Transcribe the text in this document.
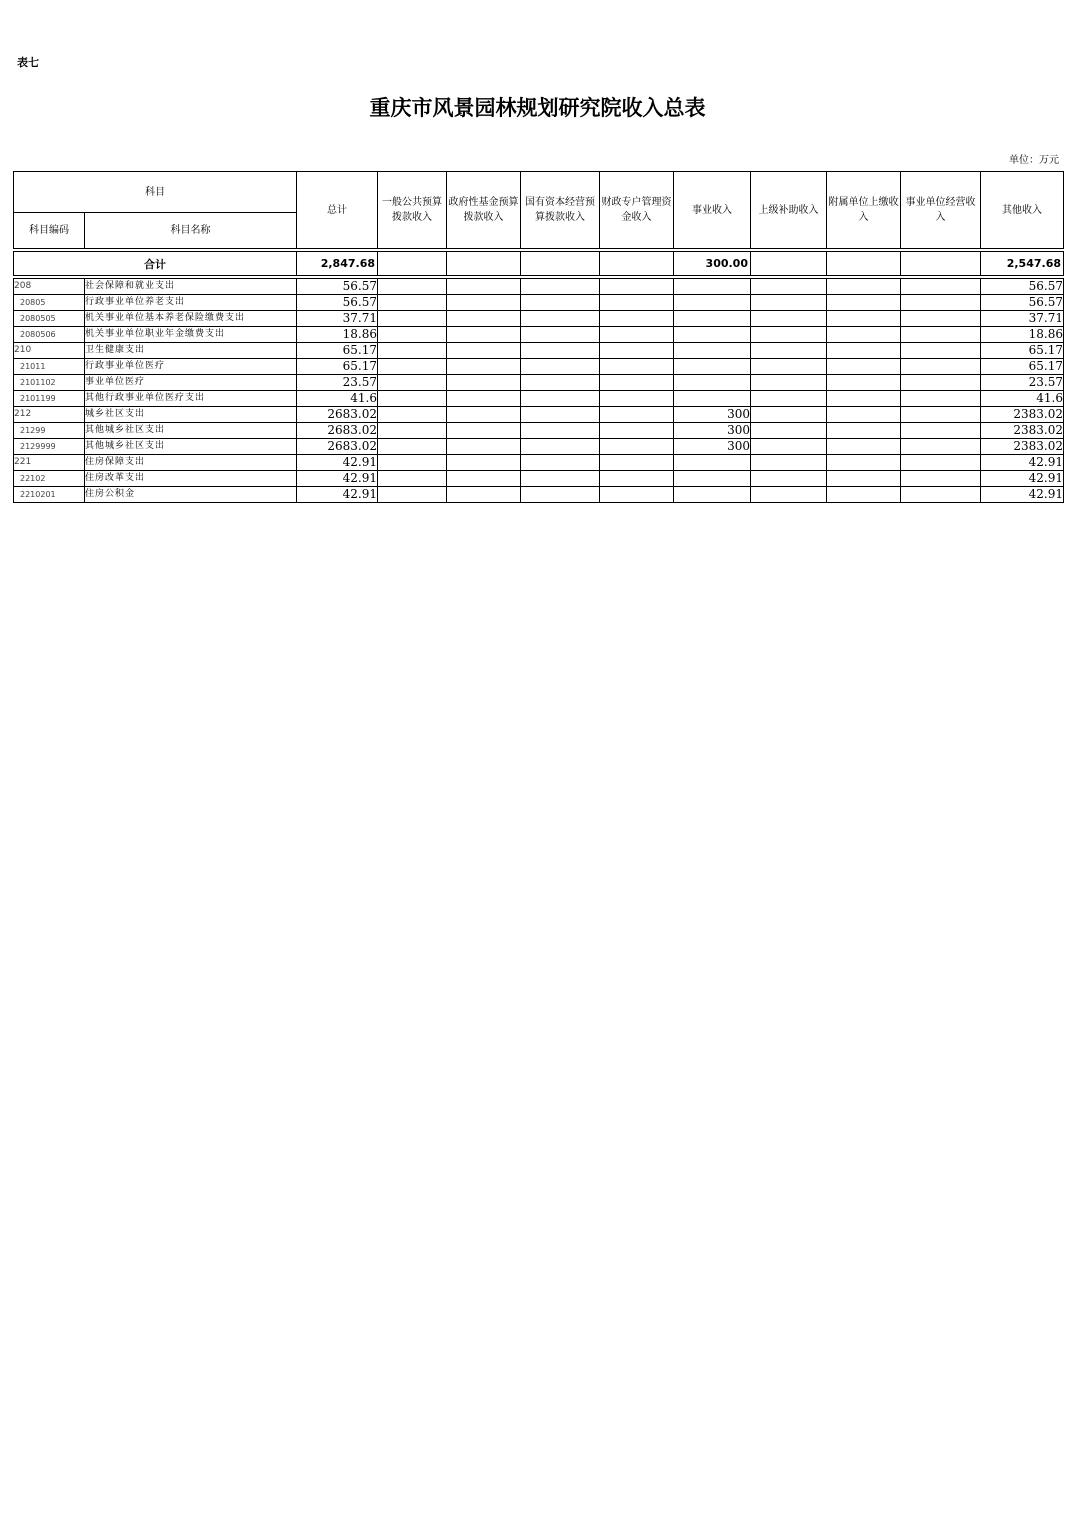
表七
重庆市风景园林规划研究院收入总表
单位：万元
科目		总计	一般公共预算拨款收入	政府性基金预算拨款收入	国有资本经营预算拨款收入	财政专户管理资金收入	事业收入	上级补助收入	附属单位上缴收入	事业单位经营收入	其他收入
科目编码	科目名称										

合计		2,847.68					300.00				2,547.68

208	社会保障和就业支出	56.57									56.57
20805	行政事业单位养老支出	56.57									56.57
2080505	机关事业单位基本养老保险缴费支出	37.71									37.71
2080506	机关事业单位职业年金缴费支出	18.86									18.86
210	卫生健康支出	65.17									65.17
21011	行政事业单位医疗	65.17									65.17
2101102	事业单位医疗	23.57									23.57
2101199	其他行政事业单位医疗支出	41.6									41.6
212	城乡社区支出	2683.02					300				2383.02
21299	其他城乡社区支出	2683.02					300				2383.02
2129999	其他城乡社区支出	2683.02					300				2383.02
221	住房保障支出	42.91									42.91
22102	住房改革支出	42.91									42.91
2210201	住房公积金	42.91									42.91
